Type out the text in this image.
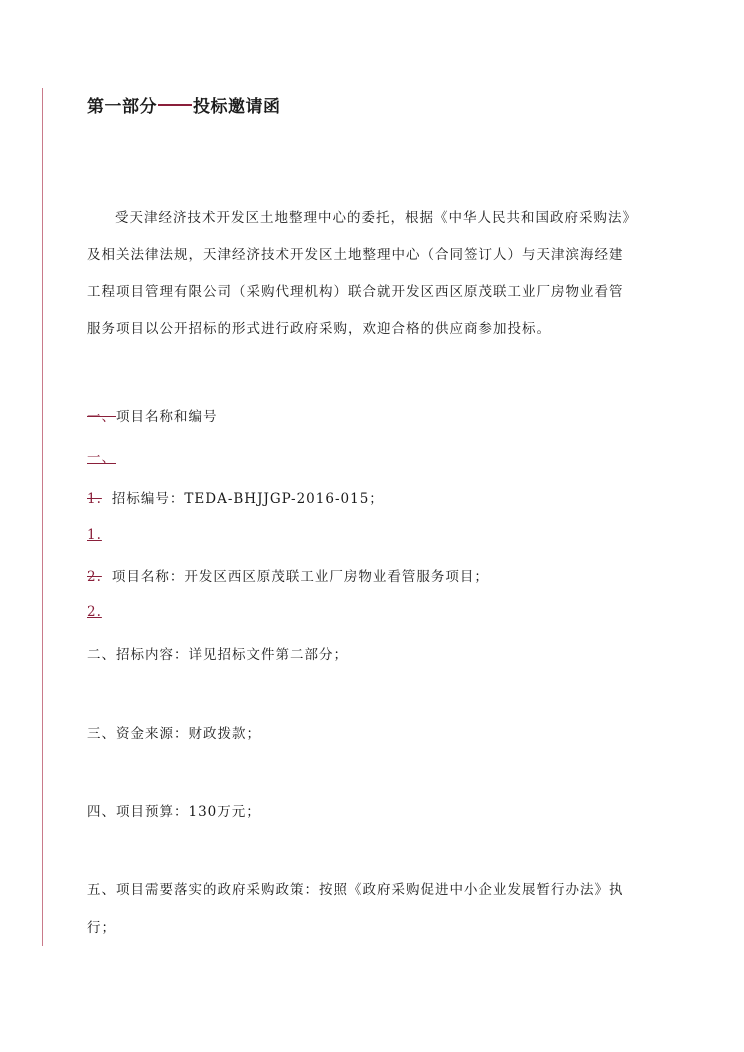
第一部分 投标邀请函
受天津经济技术开发区土地整理中心的委托，根据《中华人民共和国政府采购法》
及相关法律法规，天津经济技术开发区土地整理中心（合同签订人）与天津滨海经建
工程项目管理有限公司（采购代理机构）联合就开发区西区原茂联工业厂房物业看管
服务项目以公开招标的形式进行政府采购，欢迎合格的供应商参加投标。
一、项目名称和编号
一、
1. 招标编号：TEDA-BHJJGP-2016-015；
1.
2. 项目名称：开发区西区原茂联工业厂房物业看管服务项目；
2.
二、招标内容：详见招标文件第二部分；
三、资金来源：财政拨款；
四、项目预算：130万元；
五、项目需要落实的政府采购政策：按照《政府采购促进中小企业发展暂行办法》执
行；
